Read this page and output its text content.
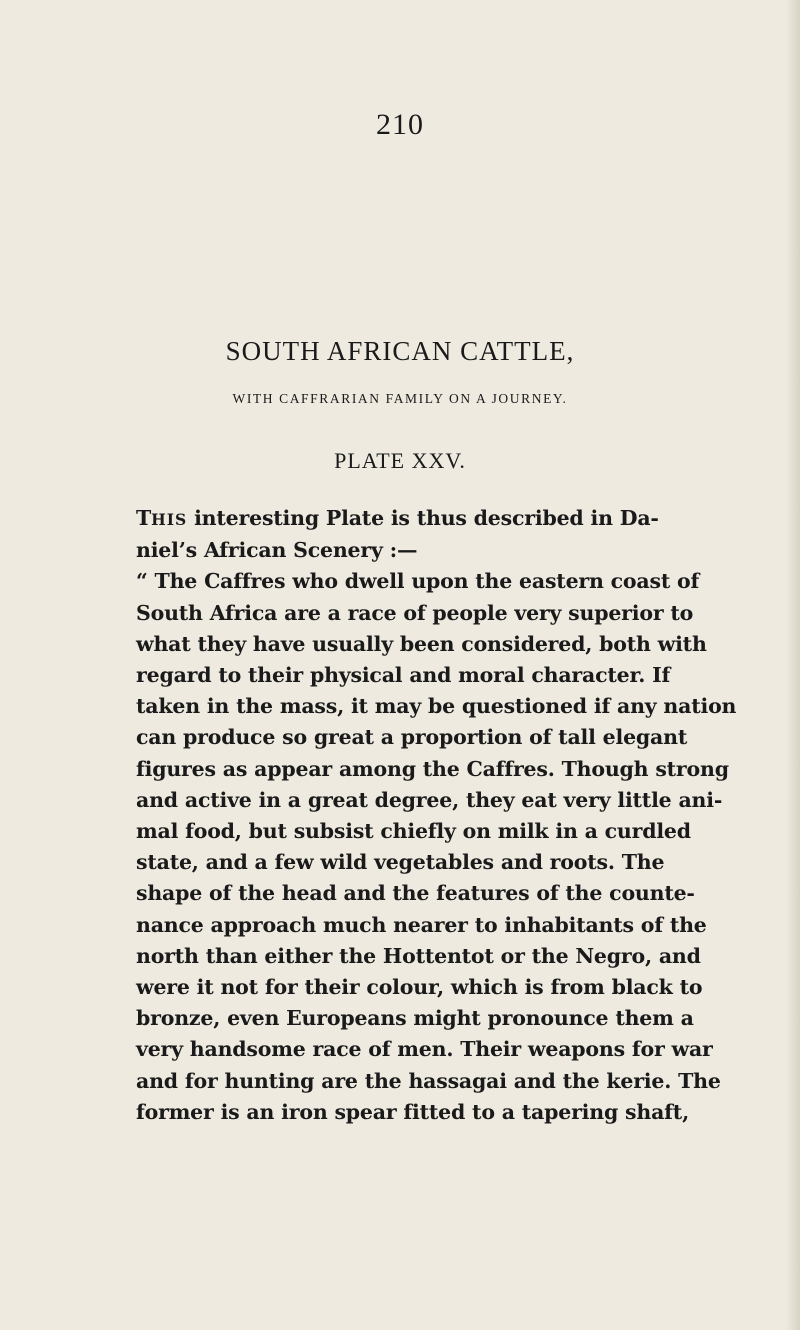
210
SOUTH AFRICAN CATTLE,
WITH CAFFRARIAN FAMILY ON A JOURNEY.
PLATE XXV.
THIS interesting Plate is thus described in Da-
niel’s African Scenery :—
“ The Caffres who dwell upon the eastern coast of
South Africa are a race of people very superior to
what they have usually been considered, both with
regard to their physical and moral character. If
taken in the mass, it may be questioned if any nation
can produce so great a proportion of tall elegant
figures as appear among the Caffres. Though strong
and active in a great degree, they eat very little ani-
mal food, but subsist chiefly on milk in a curdled
state, and a few wild vegetables and roots. The
shape of the head and the features of the counte-
nance approach much nearer to inhabitants of the
north than either the Hottentot or the Negro, and
were it not for their colour, which is from black to
bronze, even Europeans might pronounce them a
very handsome race of men. Their weapons for war
and for hunting are the hassagai and the kerie. The
former is an iron spear fitted to a tapering shaft,
